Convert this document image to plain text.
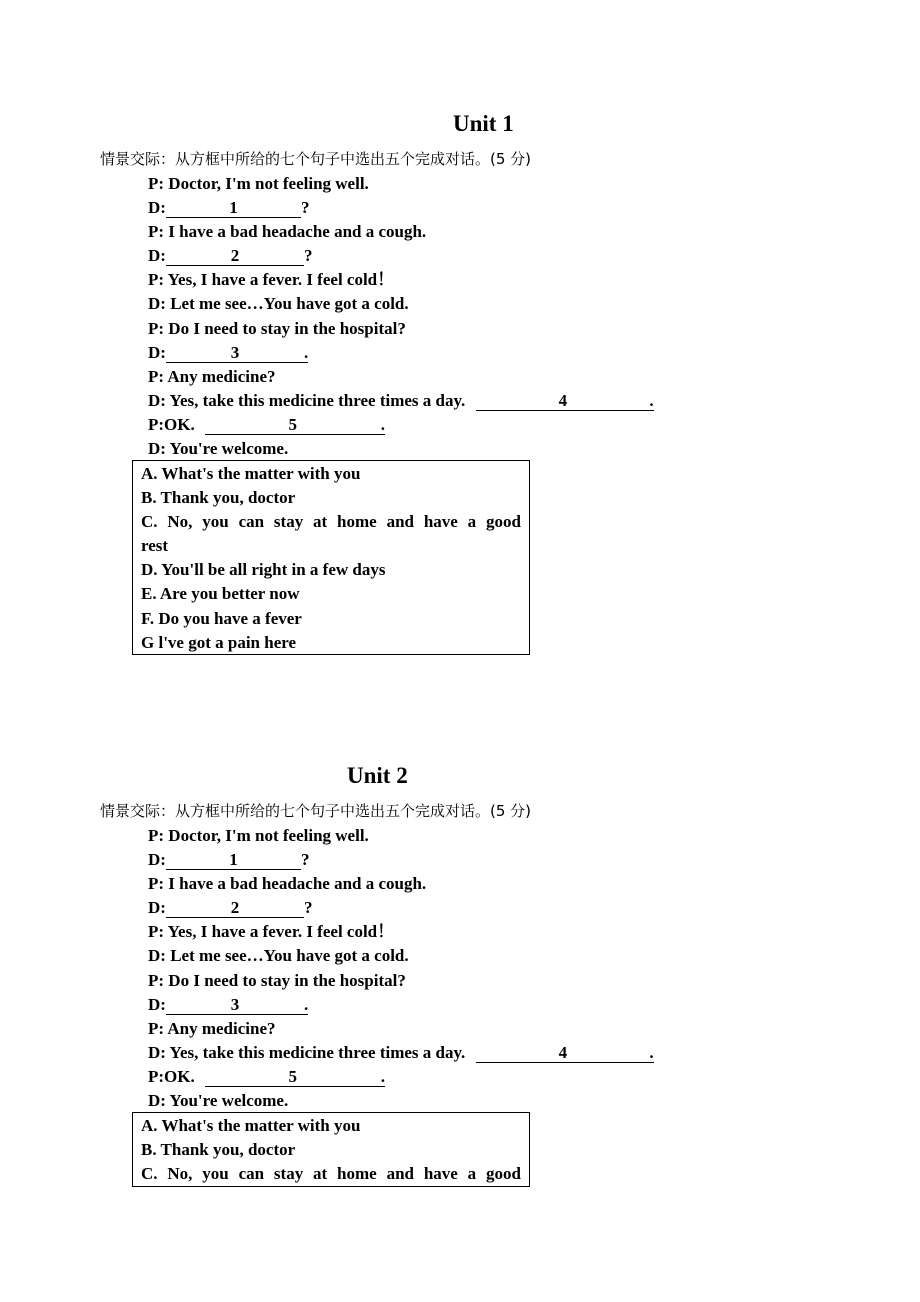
Unit 1
情景交际：从方框中所给的七个句子中选出五个完成对话。(5 分)
P: Doctor, I'm not feeling well.
D:	1	?
P: I have a bad headache and a cough.
D:	2	?
P: Yes, I have a fever. I feel cold！
D: Let me see…You have got a cold.
P: Do I need to stay in the hospital?
D:	3	.
P: Any medicine?
D: Yes, take this medicine three times a day.	4	.
P:OK.	5	.
D: You're welcome.
A. What's the matter with you
B. Thank you, doctor
C. No, you can stay at home and have a good
rest
D. You'll be all right in a few days
E. Are you better now
F. Do you have a fever
G l've got a pain here
Unit 2
情景交际：从方框中所给的七个句子中选出五个完成对话。(5 分)
P: Doctor, I'm not feeling well.
D:	1	?
P: I have a bad headache and a cough.
D:	2	?
P: Yes, I have a fever. I feel cold！
D: Let me see…You have got a cold.
P: Do I need to stay in the hospital?
D:	3	.
P: Any medicine?
D: Yes, take this medicine three times a day.	4	.
P:OK.	5	.
D: You're welcome.
A. What's the matter with you
B. Thank you, doctor
C. No, you can stay at home and have a good
